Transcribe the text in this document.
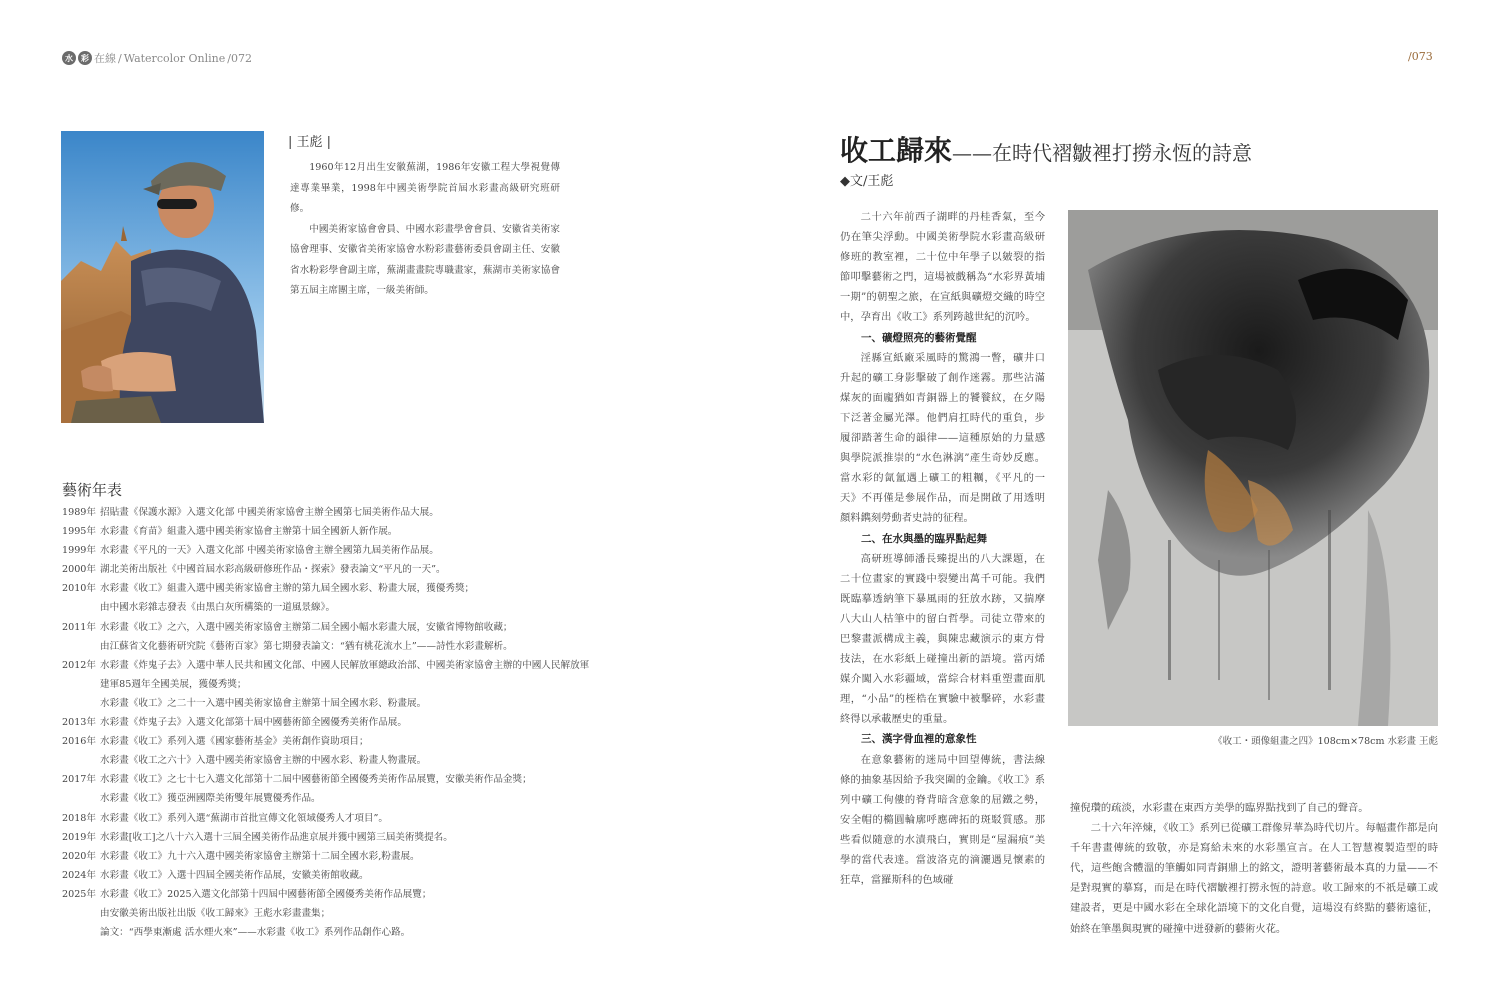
水	彩 在線 / Watercolor Online /072	/073
| 王彪 |

1960年12月出生安徽蕪湖，1986年安徽工程大學視覺傳達專業畢業，1998年中國美術學院首屆水彩畫高級研究班研修。

中國美術家協會會員、中國水彩畫學會會員、安徽省美術家協會理事、安徽省美術家協會水粉彩畫藝術委員會副主任、安徽省水粉彩學會副主席，蕪湖畫畫院專職畫家，蕪湖市美術家協會第五屆主席團主席，一級美術師。

藝術年表
1989年 招貼畫《保護水源》入選文化部 中國美術家協會主辦全國第七屆美術作品大展。
1995年 水彩畫《育苗》組畫入選中國美術家協會主辦第十屆全國新人新作展。
1999年 水彩畫《平凡的一天》入選文化部 中國美術家協會主辦全國第九屆美術作品展。
2000年 湖北美術出版社《中國首屆水彩高級研修班作品・探索》發表論文“平凡的一天”。
2010年 水彩畫《收工》組畫入選中國美術家協會主辦的第九屆全國水彩、粉畫大展，獲優秀獎；
由中國水彩雜志發表《由黑白灰所構築的一道風景線》。
2011年 水彩畫《收工》之六，入選中國美術家協會主辦第二屆全國小幅水彩畫大展，安徽省博物館收藏；
由江蘇省文化藝術研究院《藝術百家》第七期發表論文：“猶有桃花流水上”——詩性水彩畫解析。
2012年 水彩畫《炸鬼子去》入選中華人民共和國文化部、中國人民解放軍總政治部、中國美術家協會主辦的中國人民解放軍
建軍85週年全國美展，獲優秀獎；
水彩畫《收工》之二十一入選中國美術家協會主辦第十屆全國水彩、粉畫展。
2013年 水彩畫《炸鬼子去》入選文化部第十屆中國藝術節全國優秀美術作品展。
2016年 水彩畫《收工》系列入選《國家藝術基金》美術創作資助項目；
水彩畫《收工之六十》入選中國美術家協會主辦的中國水彩、粉畫人物畫展。
2017年 水彩畫《收工》之七十七入選文化部第十二屆中國藝術節全國優秀美術作品展覽，安徽美術作品金獎；
水彩畫《收工》獲亞洲國際美術雙年展覽優秀作品。
2018年 水彩畫《收工》系列入選“蕪湖市首批宣傳文化領域優秀人才項目”。
2019年 水彩畫[收工]之八十六入選十三屆全國美術作品進京展并獲中國第三屆美術獎提名。
2020年 水彩畫《收工》九十六入選中國美術家協會主辦第十二屆全國水彩,粉畫展。
2024年 水彩畫《收工》入選十四屆全國美術作品展，安徽美術館收藏。
2025年 水彩畫《收工》2025入選文化部第十四屆中國藝術節全國優秀美術作品展覽；
由安徽美術出版社出版《收工歸來》王彪水彩畫畫集；
論文：“西學東漸處 活水煙火來”——水彩畫《收工》系列作品創作心路。
收工歸來——在時代褶皺裡打撈永恆的詩意
◆文/王彪

二十六年前西子湖畔的丹桂香氣，至今仍在筆尖浮動。中國美術學院水彩畫高級研修班的教室裡，二十位中年學子以皴裂的指節叩擊藝術之門，這場被戲稱為“水彩界黃埔一期”的朝聖之旅，在宣紙與礦燈交織的時空中，孕育出《收工》系列跨越世紀的沉吟。

一、礦燈照亮的藝術覺醒

淫縣宣紙廠采風時的驚鴻一瞥，礦井口升起的礦工身影擊破了創作迷霧。那些沾滿煤灰的面龐猶如青銅器上的饕餮紋，在夕陽下泛著金屬光澤。他們肩扛時代的重負，步履卻踏著生命的韻律——這種原始的力量感與學院派推崇的“水色淋漓”產生奇妙反應。當水彩的氤氳遇上礦工的粗糲，《平凡的一天》不再僅是參展作品，而是開啟了用透明顏料鐫刻勞動者史詩的征程。

二、在水與墨的臨界點起舞

高研班導師潘長臻提出的八大課題，在二十位畫家的實踐中裂變出萬千可能。我們既臨摹透納筆下暴風雨的狂放水跡，又揣摩八大山人枯筆中的留白哲學。司徒立帶來的巴黎畫派構成主義，與陳忠藏演示的東方骨技法，在水彩紙上碰撞出新的語境。當丙烯媒介闖入水彩疆域，當綜合材料重塑畫面肌理，“小品”的桎梏在實驗中被擊碎，水彩畫終得以承載歷史的重量。

三、漢字骨血裡的意象性

在意象藝術的迷局中回望傳統，書法線條的抽象基因給予我突圍的金鑰。《收工》系列中礦工佝僂的脊背暗含意象的屈鐵之勢，安全帽的橢圓輪廓呼應碑拓的斑駁質感。那些看似隨意的水漬飛白，實則是“屋漏痕”美學的當代表達。當波洛克的滴灑遇見懷素的狂草，當羅斯科的色域碰

《收工・頭像組畫之四》108cm×78cm 水彩畫 王彪

撞倪瓚的疏淡，水彩畫在東西方美學的臨界點找到了自己的聲音。

二十六年淬煉，《收工》系列已從礦工群像昇華為時代切片。每幅畫作都是向千年書畫傳統的致敬，亦是寫給未來的水彩墨宣言。在人工智慧複製造型的時代，這些飽含體溫的筆觸如同青銅鼎上的銘文，證明著藝術最本真的力量——不是對現實的摹寫，而是在時代褶皺裡打撈永恆的詩意。收工歸來的不祇是礦工或建設者，更是中國水彩在全球化語境下的文化自覺，這場沒有終點的藝術遠征，始終在筆墨與現實的碰撞中迸發新的藝術火花。
